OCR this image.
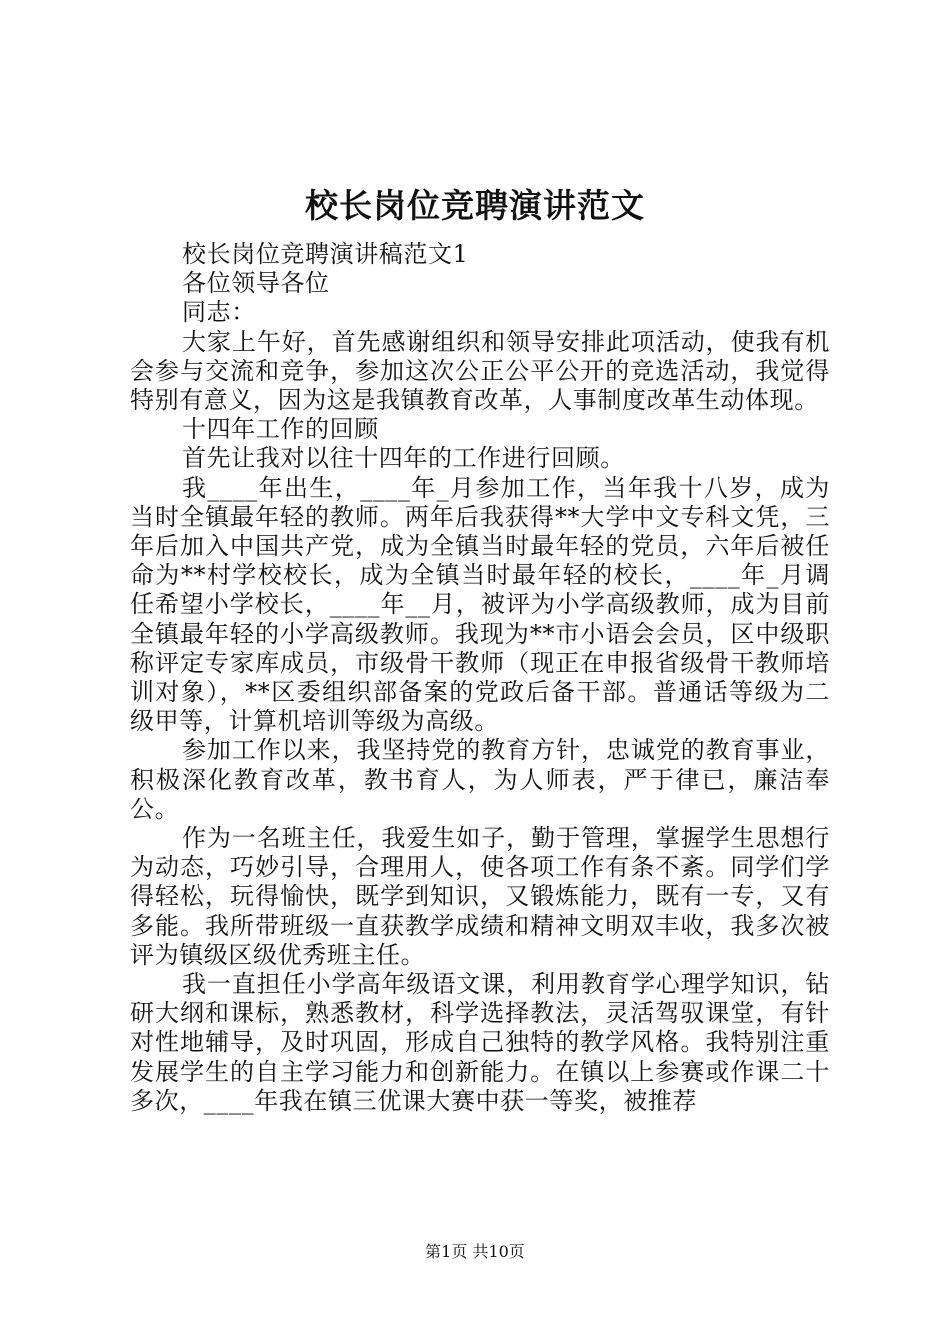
校长岗位竞聘演讲范文

校长岗位竞聘演讲稿范文1

各位领导各位

同志：

大家上午好，首先感谢组织和领导安排此项活动，使我有机会参与交流和竞争，参加这次公正公平公开的竞选活动，我觉得特别有意义，因为这是我镇教育改革，人事制度改革生动体现。

十四年工作的回顾

首先让我对以往十四年的工作进行回顾。

我____年出生，____年_月参加工作，当年我十八岁，成为当时全镇最年轻的教师。两年后我获得**大学中文专科文凭，三年后加入中国共产党，成为全镇当时最年轻的党员，六年后被任命为**村学校校长，成为全镇当时最年轻的校长，____年_月调任希望小学校长，____年__月，被评为小学高级教师，成为目前全镇最年轻的小学高级教师。我现为**市小语会会员，区中级职称评定专家库成员，市级骨干教师（现正在申报省级骨干教师培训对象），**区委组织部备案的党政后备干部。普通话等级为二级甲等，计算机培训等级为高级。

参加工作以来，我坚持党的教育方针，忠诚党的教育事业，积极深化教育改革，教书育人，为人师表，严于律已，廉洁奉公。

作为一名班主任，我爱生如子，勤于管理，掌握学生思想行为动态，巧妙引导，合理用人，使各项工作有条不紊。同学们学得轻松，玩得愉快，既学到知识，又锻炼能力，既有一专，又有多能。我所带班级一直获教学成绩和精神文明双丰收，我多次被评为镇级区级优秀班主任。

我一直担任小学高年级语文课，利用教育学心理学知识，钻研大纲和课标，熟悉教材，科学选择教法，灵活驾驭课堂，有针对性地辅导，及时巩固，形成自己独特的教学风格。我特别注重发展学生的自主学习能力和创新能力。在镇以上参赛或作课二十多次，____年我在镇三优课大赛中获一等奖，被推荐

第1页 共10页
